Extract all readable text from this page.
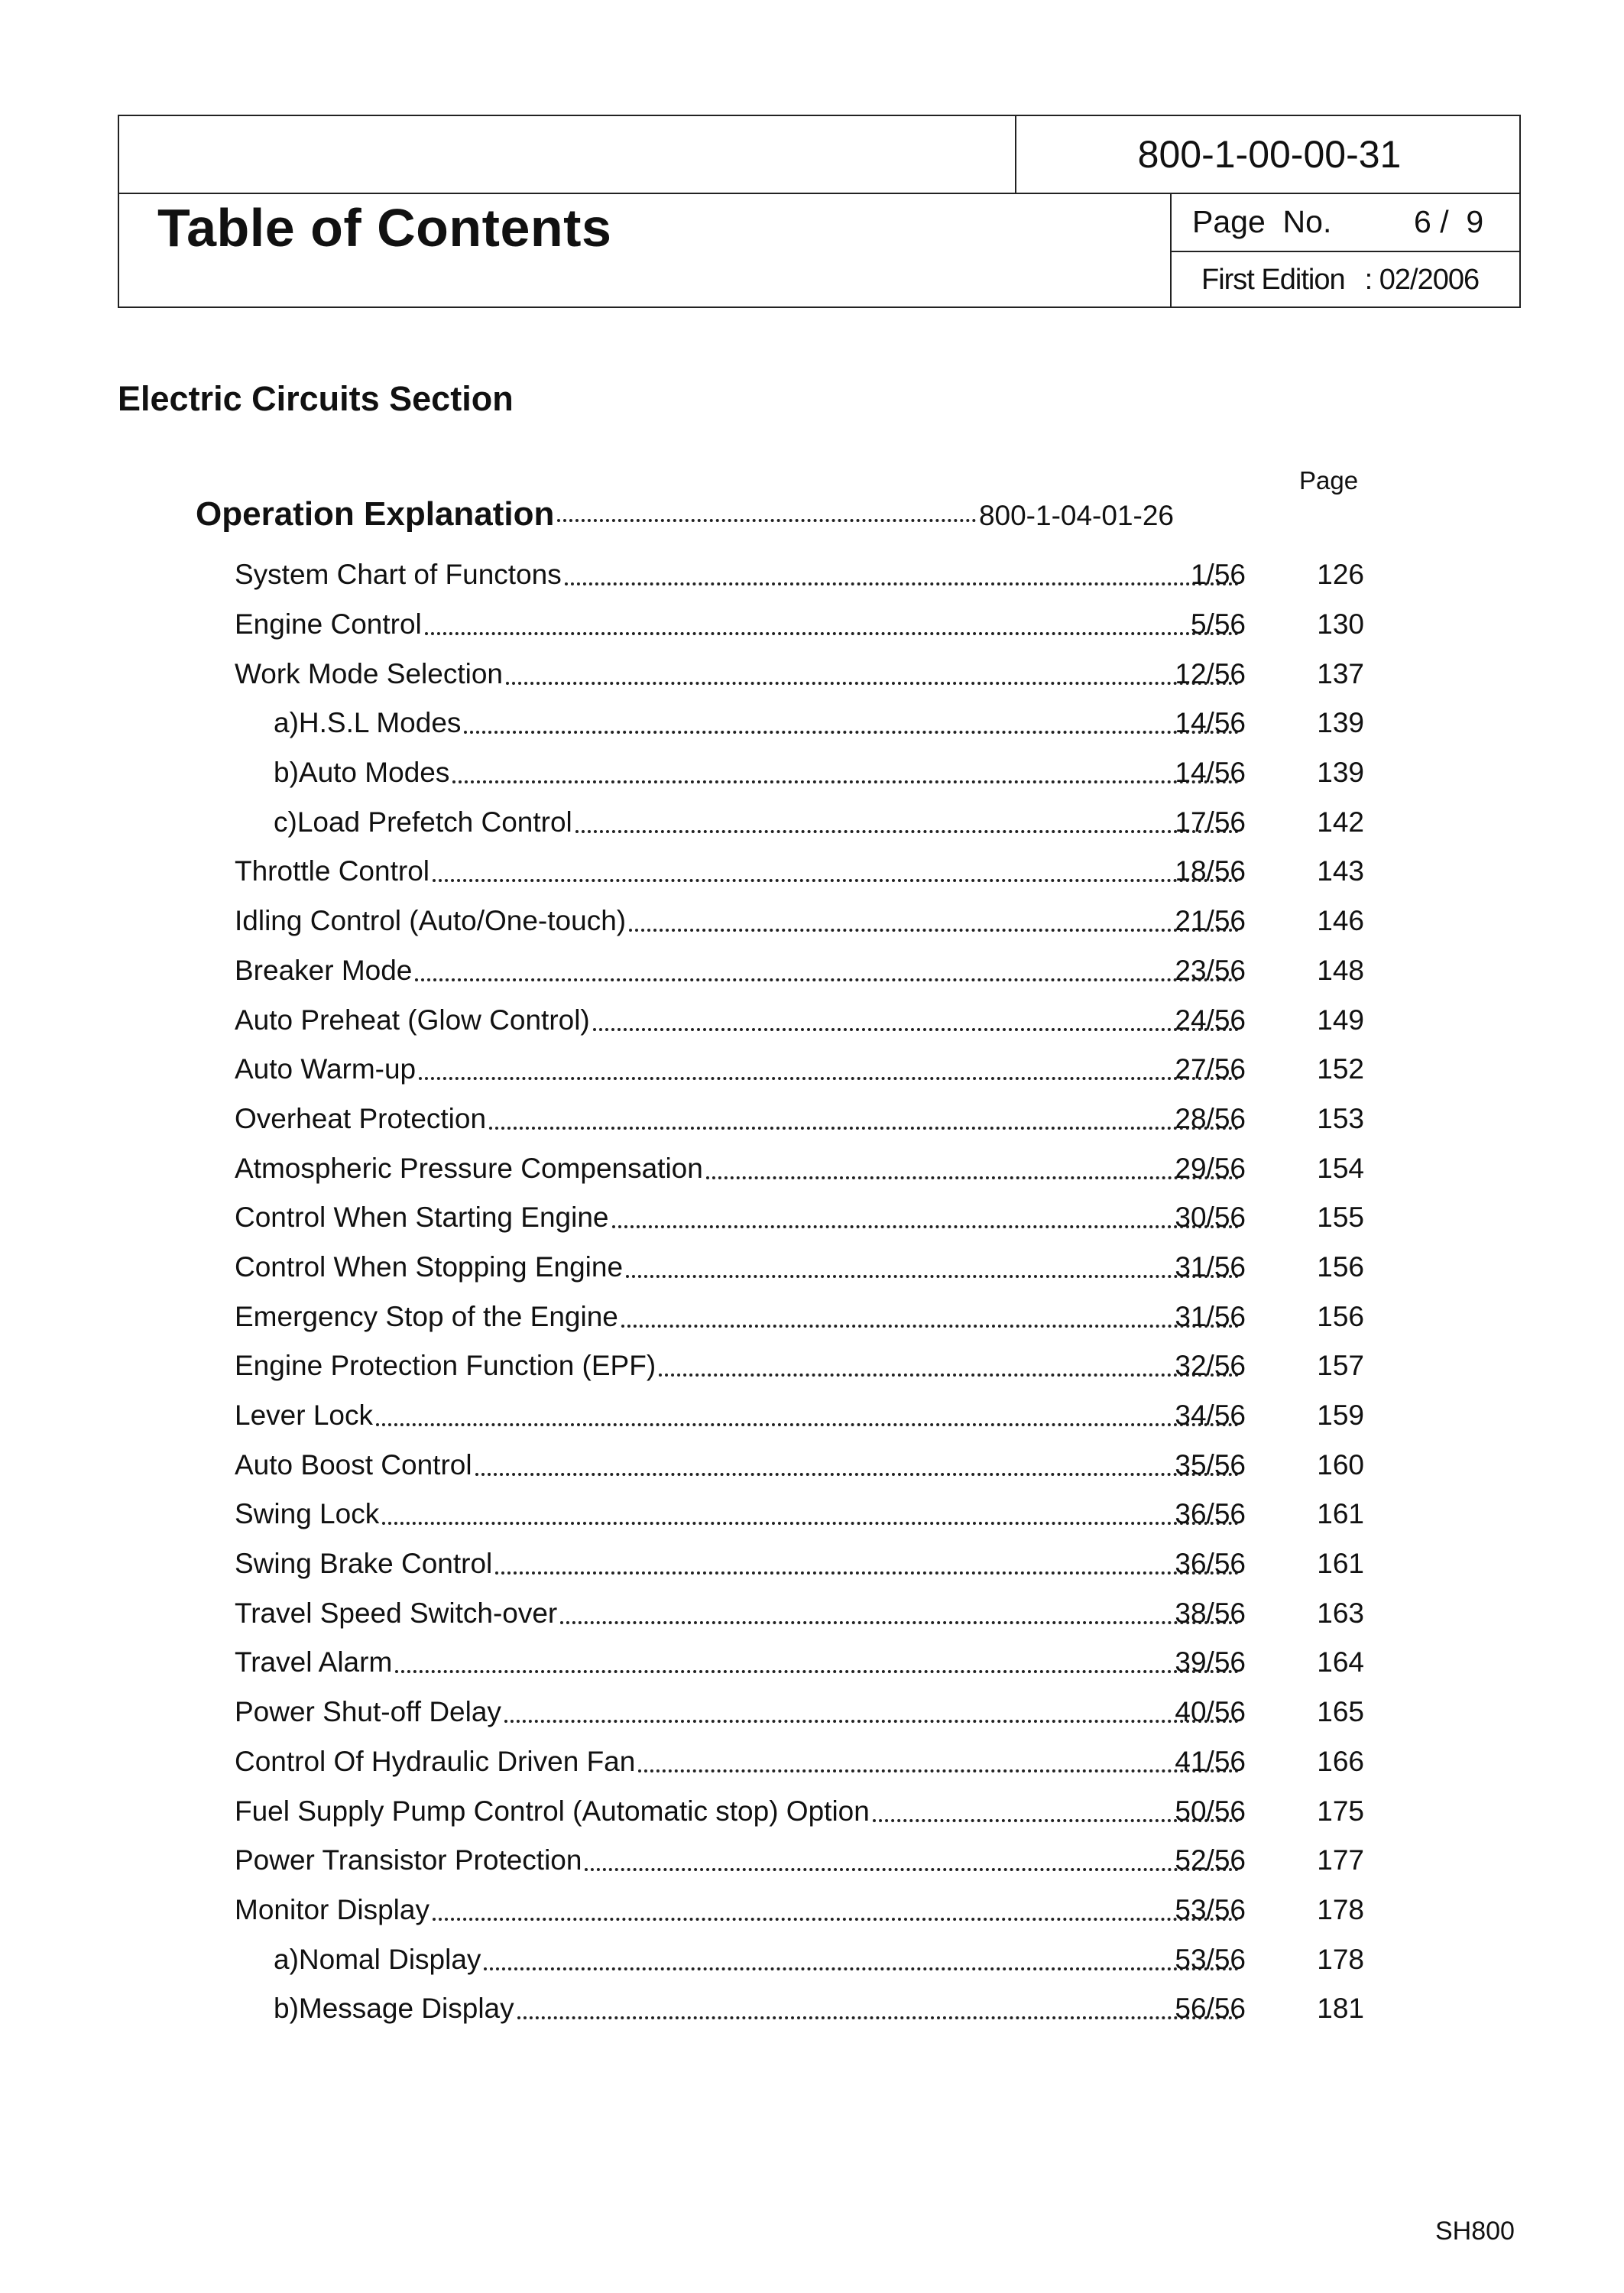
800-1-00-00-31
Table of Contents	Page  No.	6 /  9
First Edition : 02/2006
Electric Circuits Section
Page
Operation Explanation	800-1-04-01-26
System Chart of Functons	1/56	126
Engine Control	5/56	130
Work Mode Selection	12/56	137
a)H.S.L Modes	14/56	139
b)Auto Modes	14/56	139
c)Load Prefetch Control	17/56	142
Throttle Control	18/56	143
Idling Control (Auto/One-touch)	21/56	146
Breaker Mode	23/56	148
Auto Preheat (Glow Control)	24/56	149
Auto Warm-up	27/56	152
Overheat Protection	28/56	153
Atmospheric Pressure Compensation	29/56	154
Control When Starting Engine	30/56	155
Control When Stopping Engine	31/56	156
Emergency Stop of the Engine	31/56	156
Engine Protection Function (EPF)	32/56	157
Lever Lock	34/56	159
Auto Boost Control	35/56	160
Swing Lock	36/56	161
Swing Brake Control	36/56	161
Travel Speed Switch-over	38/56	163
Travel Alarm	39/56	164
Power Shut-off Delay	40/56	165
Control Of Hydraulic Driven Fan	41/56	166
Fuel Supply Pump Control (Automatic stop) Option	50/56	175
Power Transistor Protection	52/56	177
Monitor Display	53/56	178
a)Nomal Display	53/56	178
b)Message Display	56/56	181
SH800
